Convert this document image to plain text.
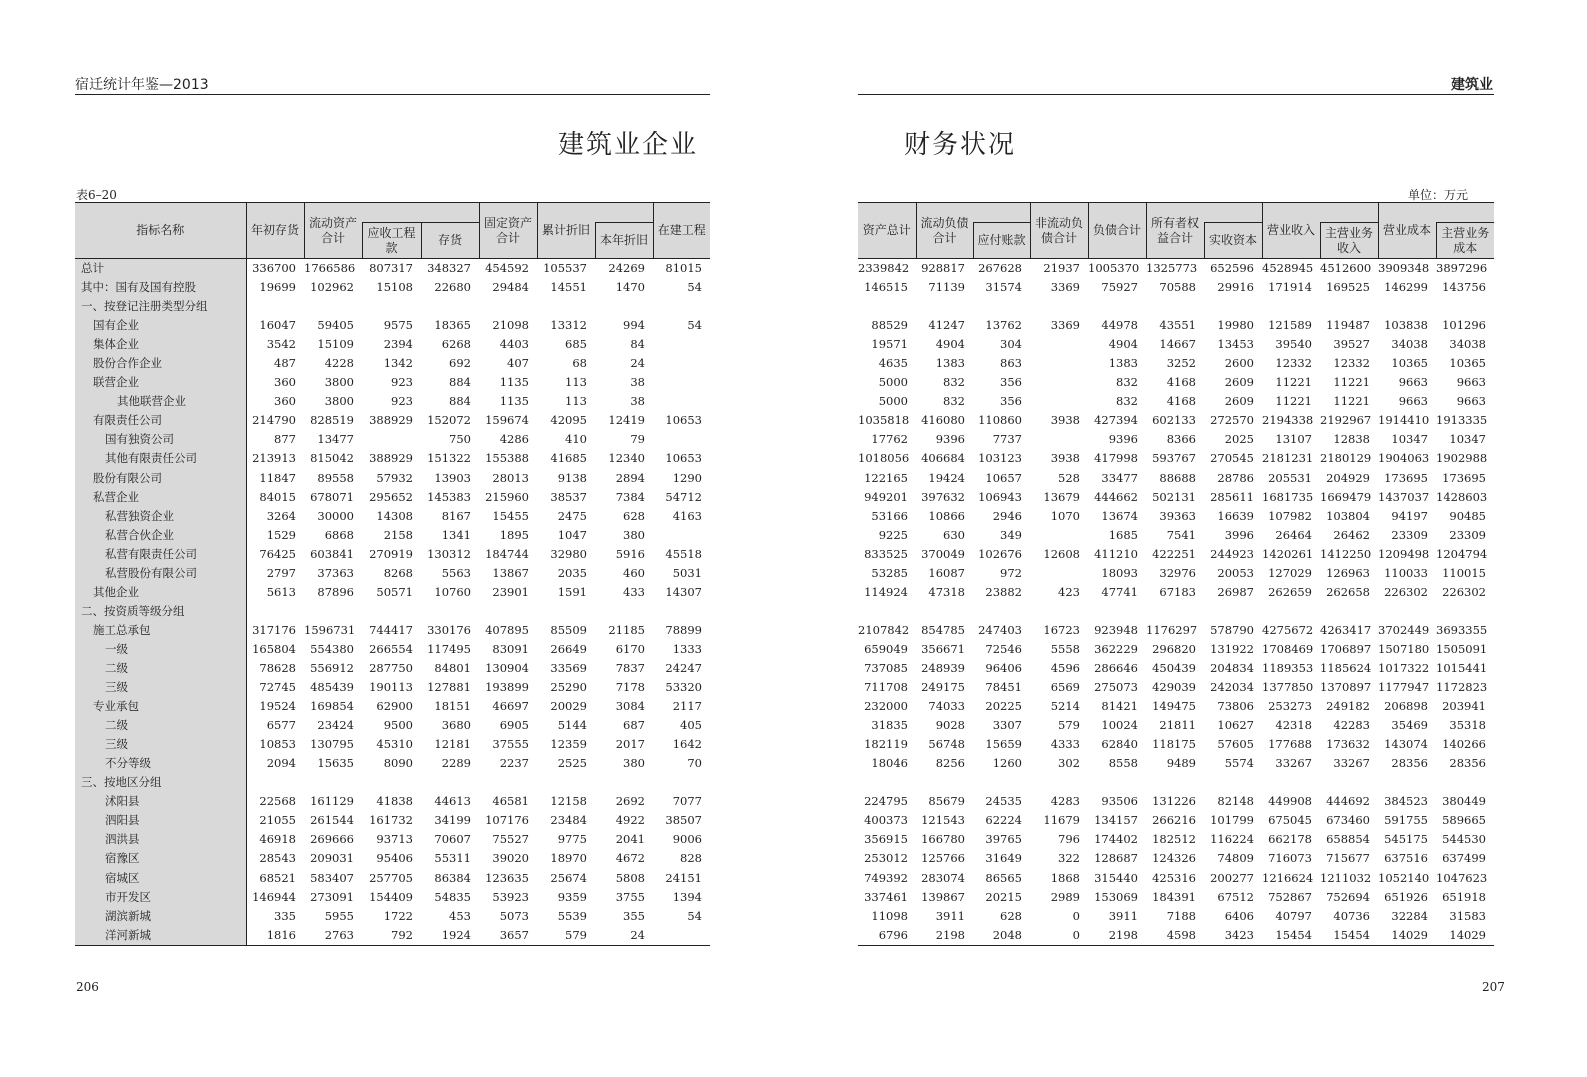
宿迁统计年鉴—2013
建筑业企业
表6–20
指标名称	年初存货	流动资产合计			固定资产合计	累计折旧		在建工程
			应收工程款	存货			本年折旧	
总计	336700	1766586	807317	348327	454592	105537	24269	81015
其中：国有及国有控股	19699	102962	15108	22680	29484	14551	1470	54
一、按登记注册类型分组								
国有企业	16047	59405	9575	18365	21098	13312	994	54
集体企业	3542	15109	2394	6268	4403	685	84	
股份合作企业	487	4228	1342	692	407	68	24	
联营企业	360	3800	923	884	1135	113	38	
其他联营企业	360	3800	923	884	1135	113	38	
有限责任公司	214790	828519	388929	152072	159674	42095	12419	10653
国有独资公司	877	13477		750	4286	410	79	
其他有限责任公司	213913	815042	388929	151322	155388	41685	12340	10653
股份有限公司	11847	89558	57932	13903	28013	9138	2894	1290
私营企业	84015	678071	295652	145383	215960	38537	7384	54712
私营独资企业	3264	30000	14308	8167	15455	2475	628	4163
私营合伙企业	1529	6868	2158	1341	1895	1047	380	
私营有限责任公司	76425	603841	270919	130312	184744	32980	5916	45518
私营股份有限公司	2797	37363	8268	5563	13867	2035	460	5031
其他企业	5613	87896	50571	10760	23901	1591	433	14307
二、按资质等级分组								
施工总承包	317176	1596731	744417	330176	407895	85509	21185	78899
一级	165804	554380	266554	117495	83091	26649	6170	1333
二级	78628	556912	287750	84801	130904	33569	7837	24247
三级	72745	485439	190113	127881	193899	25290	7178	53320
专业承包	19524	169854	62900	18151	46697	20029	3084	2117
二级	6577	23424	9500	3680	6905	5144	687	405
三级	10853	130795	45310	12181	37555	12359	2017	1642
不分等级	2094	15635	8090	2289	2237	2525	380	70
三、按地区分组								
沭阳县	22568	161129	41838	44613	46581	12158	2692	7077
泗阳县	21055	261544	161732	34199	107176	23484	4922	38507
泗洪县	46918	269666	93713	70607	75527	9775	2041	9006
宿豫区	28543	209031	95406	55311	39020	18970	4672	828
宿城区	68521	583407	257705	86384	123635	25674	5808	24151
市开发区	146944	273091	154409	54835	53923	9359	3755	1394
湖滨新城	335	5955	1722	453	5073	5539	355	54
洋河新城	1816	2763	792	1924	3657	579	24	
206
建筑业
财务状况
单位：万元
资产总计	流动负债合计		非流动负债合计	负债合计	所有者权益合计		营业收入		营业成本	
		应付账款				实收资本		主营业务收入		主营业务成本
2339842	928817	267628	21937	1005370	1325773	652596	4528945	4512600	3909348	3897296
146515	71139	31574	3369	75927	70588	29916	171914	169525	146299	143756

88529	41247	13762	3369	44978	43551	19980	121589	119487	103838	101296
19571	4904	304		4904	14667	13453	39540	39527	34038	34038
4635	1383	863		1383	3252	2600	12332	12332	10365	10365
5000	832	356		832	4168	2609	11221	11221	9663	9663
5000	832	356		832	4168	2609	11221	11221	9663	9663
1035818	416080	110860	3938	427394	602133	272570	2194338	2192967	1914410	1913335
17762	9396	7737		9396	8366	2025	13107	12838	10347	10347
1018056	406684	103123	3938	417998	593767	270545	2181231	2180129	1904063	1902988
122165	19424	10657	528	33477	88688	28786	205531	204929	173695	173695
949201	397632	106943	13679	444662	502131	285611	1681735	1669479	1437037	1428603
53166	10866	2946	1070	13674	39363	16639	107982	103804	94197	90485
9225	630	349		1685	7541	3996	26464	26462	23309	23309
833525	370049	102676	12608	411210	422251	244923	1420261	1412250	1209498	1204794
53285	16087	972		18093	32976	20053	127029	126963	110033	110015
114924	47318	23882	423	47741	67183	26987	262659	262658	226302	226302

2107842	854785	247403	16723	923948	1176297	578790	4275672	4263417	3702449	3693355
659049	356671	72546	5558	362229	296820	131922	1708469	1706897	1507180	1505091
737085	248939	96406	4596	286646	450439	204834	1189353	1185624	1017322	1015441
711708	249175	78451	6569	275073	429039	242034	1377850	1370897	1177947	1172823
232000	74033	20225	5214	81421	149475	73806	253273	249182	206898	203941
31835	9028	3307	579	10024	21811	10627	42318	42283	35469	35318
182119	56748	15659	4333	62840	118175	57605	177688	173632	143074	140266
18046	8256	1260	302	8558	9489	5574	33267	33267	28356	28356

224795	85679	24535	4283	93506	131226	82148	449908	444692	384523	380449
400373	121543	62224	11679	134157	266216	101799	675045	673460	591755	589665
356915	166780	39765	796	174402	182512	116224	662178	658854	545175	544530
253012	125766	31649	322	128687	124326	74809	716073	715677	637516	637499
749392	283074	86565	1868	315440	425316	200277	1216624	1211032	1052140	1047623
337461	139867	20215	2989	153069	184391	67512	752867	752694	651926	651918
11098	3911	628	0	3911	7188	6406	40797	40736	32284	31583
6796	2198	2048	0	2198	4598	3423	15454	15454	14029	14029
207
